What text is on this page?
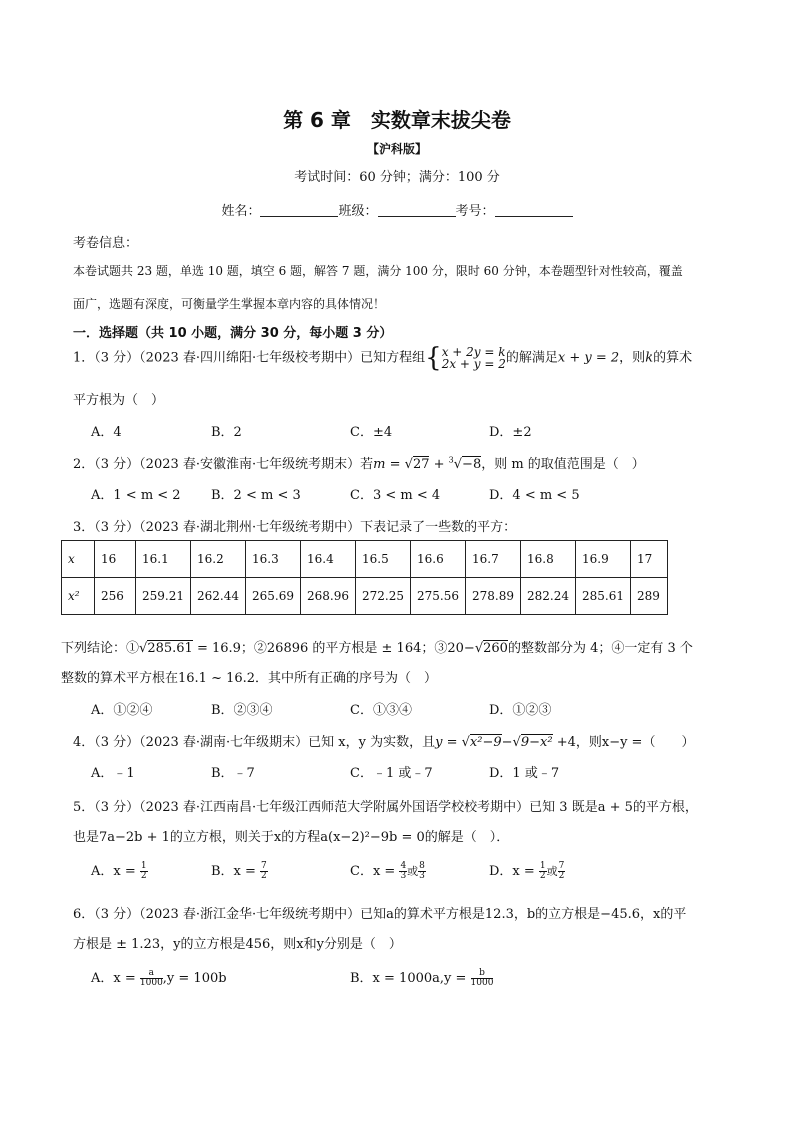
第 6 章　实数章末拔尖卷
【沪科版】
考试时间：60 分钟；满分：100 分
姓名：	班级：	考号：
考卷信息：
本卷试题共 23 题，单选 10 题，填空 6 题，解答 7 题，满分 100 分，限时 60 分钟，本卷题型针对性较高，覆盖
面广，选题有深度，可衡量学生掌握本章内容的具体情况！
一．选择题（共 10 小题，满分 30 分，每小题 3 分）
1．（3 分）（2023 春·四川绵阳·七年级校考期中）已知方程组{ x + 2y = k
2x + y = 2 的解满足x + y = 2，则k的算术
平方根为（　）
A．4	B．2	C．±4	D．±2
2．（3 分）（2023 春·安徽淮南·七年级统考期末）若m = √27 + $^3$√−8，则 m 的取值范围是（　）
A．1 < m < 2 B．2 < m < 3	C．3 < m < 4	D．4 < m < 5
3．（3 分）（2023 春·湖北荆州·七年级统考期中）下表记录了一些数的平方：
x	16	16.1	16.2	16.3	16.4	16.5	16.6	16.7	16.8	16.9	17
x²	256	259.21	262.44	265.69	268.96	272.25	275.56	278.89	282.24	285.61	289
下列结论：①√285.61 = 16.9；②26896 的平方根是 ± 164；③20−√260的整数部分为 4；④一定有 3 个
整数的算术平方根在16.1 ~ 16.2．其中所有正确的序号为（　）
A．①②④	B．②③④	C．①③④	D．①②③
4．（3 分）（2023 春·湖南·七年级期末）已知 x，y 为实数，且y = √x²−9−√9−x² +4，则x−y =（　　）
A．﹣1	B．﹣7	C．﹣1 或﹣7	D．1 或﹣7
5．（3 分）（2023 春·江西南昌·七年级江西师范大学附属外国语学校校考期中）已知 3 既是a + 5的平方根，
也是7a−2b + 1的立方根，则关于x的方程a(x−2)²−9b = 0的解是（　）．
A．$x = \frac{1}{2}$	B．$x = \frac{7}{2}$	C．$x = \frac{4}{3}$ 或 $\frac{8}{3}$	D．$x = \frac{1}{2}$ 或 $\frac{7}{2}$
6．（3 分）（2023 春·浙江金华·七年级统考期中）已知a的算术平方根是12.3，b的立方根是−45.6，x的平
方根是 ± 1.23，y的立方根是456，则x和y分别是（　）
A．$x = \frac{a}{1000} ,y = 100b$	B．$x = 1000a,y = \frac{b}{1000}$
